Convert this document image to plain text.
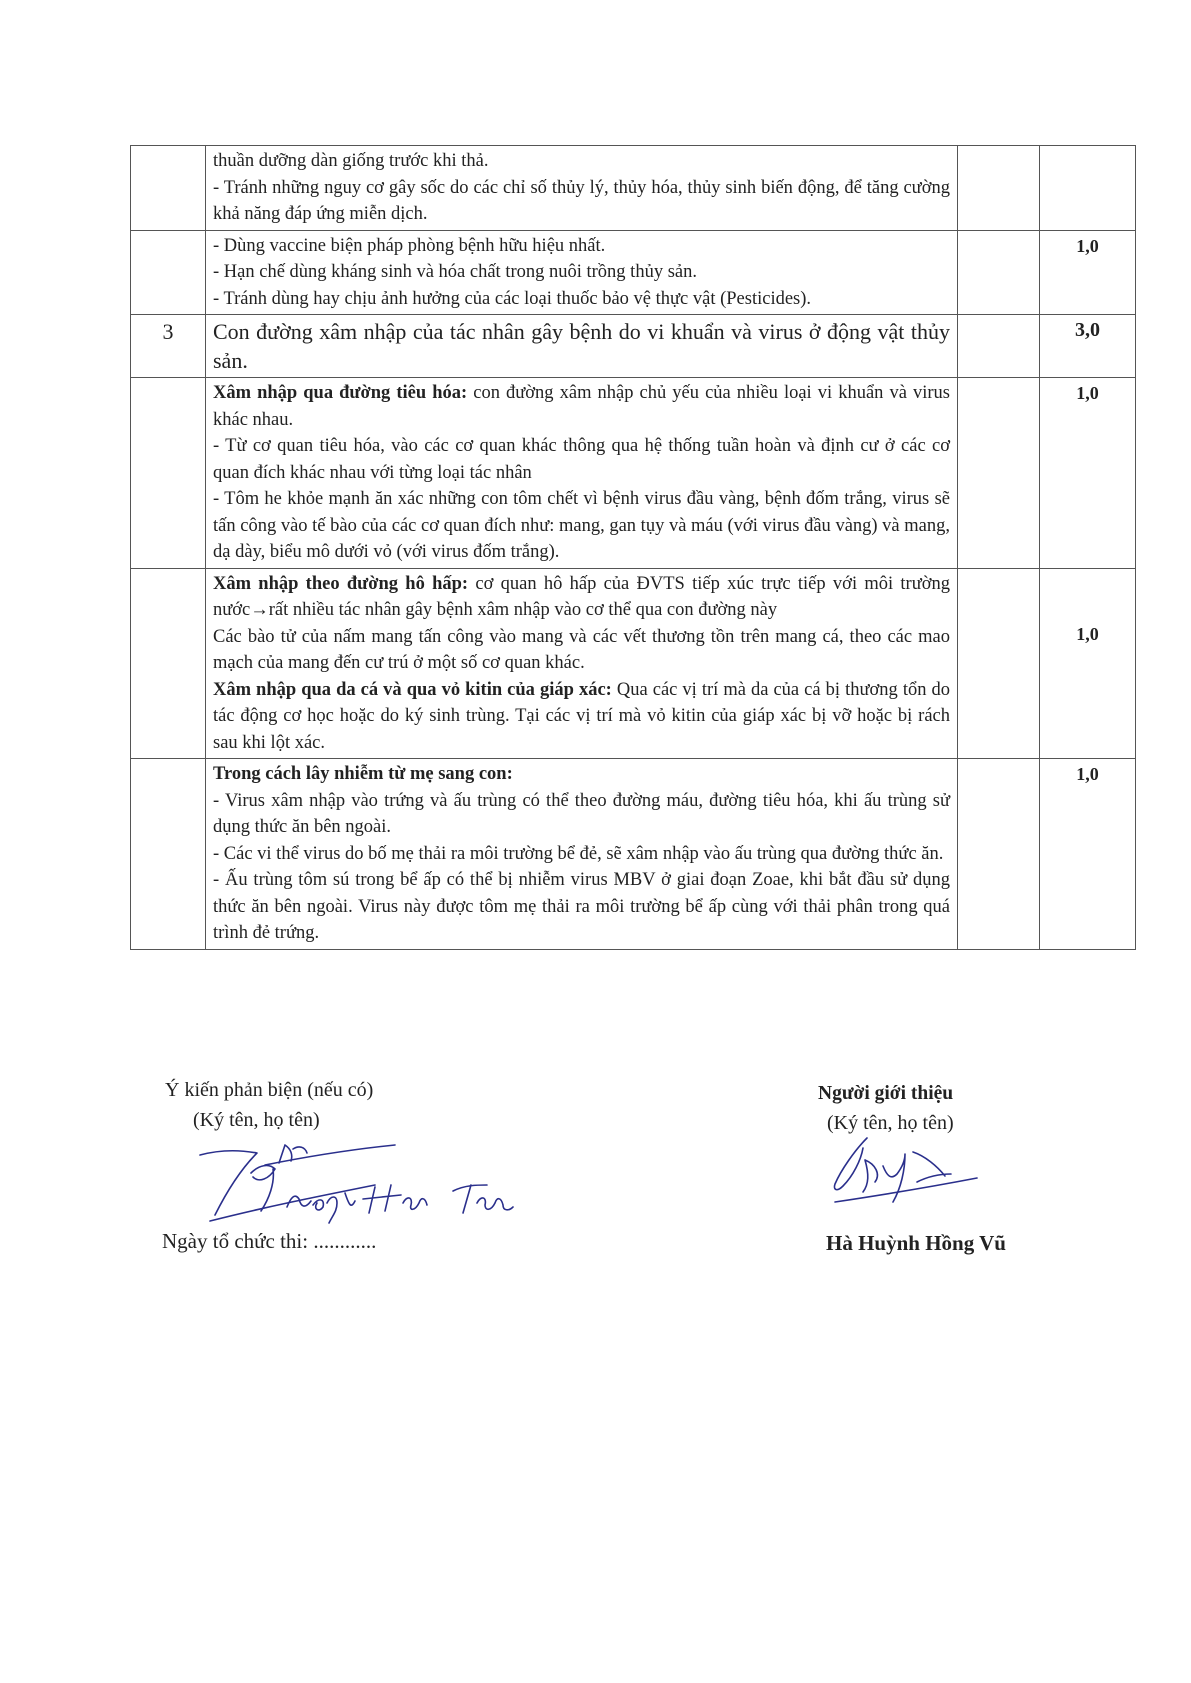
	thuần dưỡng dàn giống trước khi thả.
- Tránh những nguy cơ gây sốc do các chỉ số thủy lý, thủy hóa, thủy sinh biến động, để tăng cường khả năng đáp ứng miễn dịch.		

	- Dùng vaccine biện pháp phòng bệnh hữu hiệu nhất.
- Hạn chế dùng kháng sinh và hóa chất trong nuôi trồng thủy sản.
- Tránh dùng hay chịu ảnh hưởng của các loại thuốc bảo vệ thực vật (Pesticides).		1,0
3	Con đường xâm nhập của tác nhân gây bệnh do vi khuẩn và virus ở động vật thủy sản.		3,0

	Xâm nhập qua đường tiêu hóa: con đường xâm nhập chủ yếu của nhiều loại vi khuẩn và virus khác nhau.
- Từ cơ quan tiêu hóa, vào các cơ quan khác thông qua hệ thống tuần hoàn và định cư ở các cơ quan đích khác nhau với từng loại tác nhân
- Tôm he khỏe mạnh ăn xác những con tôm chết vì bệnh virus đầu vàng, bệnh đốm trắng, virus sẽ tấn công vào tế bào của các cơ quan đích như: mang, gan tụy và máu (với virus đầu vàng) và mang, dạ dày, biểu mô dưới vỏ (với virus đốm trắng).		1,0

	Xâm nhập theo đường hô hấp: cơ quan hô hấp của ĐVTS tiếp xúc trực tiếp với môi trường nước→rất nhiều tác nhân gây bệnh xâm nhập vào cơ thể qua con đường này
Các bào tử của nấm mang tấn công vào mang và các vết thương tồn trên mang cá, theo các mao mạch của mang đến cư trú ở một số cơ quan khác.
Xâm nhập qua da cá và qua vỏ kitin của giáp xác: Qua các vị trí mà da của cá bị thương tổn do tác động cơ học hoặc do ký sinh trùng. Tại các vị trí mà vỏ kitin của giáp xác bị vỡ hoặc bị rách sau khi lột xác.		1,0

	Trong cách lây nhiễm từ mẹ sang con:
- Virus xâm nhập vào trứng và ấu trùng có thể theo đường máu, đường tiêu hóa, khi ấu trùng sử dụng thức ăn bên ngoài.
- Các vi thể virus do bố mẹ thải ra môi trường bể đẻ, sẽ xâm nhập vào ấu trùng qua đường thức ăn.
- Ấu trùng tôm sú trong bể ấp có thể bị nhiễm virus MBV ở giai đoạn Zoae, khi bắt đầu sử dụng thức ăn bên ngoài. Virus này được tôm mẹ thải ra môi trường bể ấp cùng với thải phân trong quá trình đẻ trứng.		1,0
Ý kiến phản biện (nếu có)
(Ký tên, họ tên)
Ngày tổ chức thi: ............
Người giới thiệu
(Ký tên, họ tên)
Hà Huỳnh Hồng Vũ
